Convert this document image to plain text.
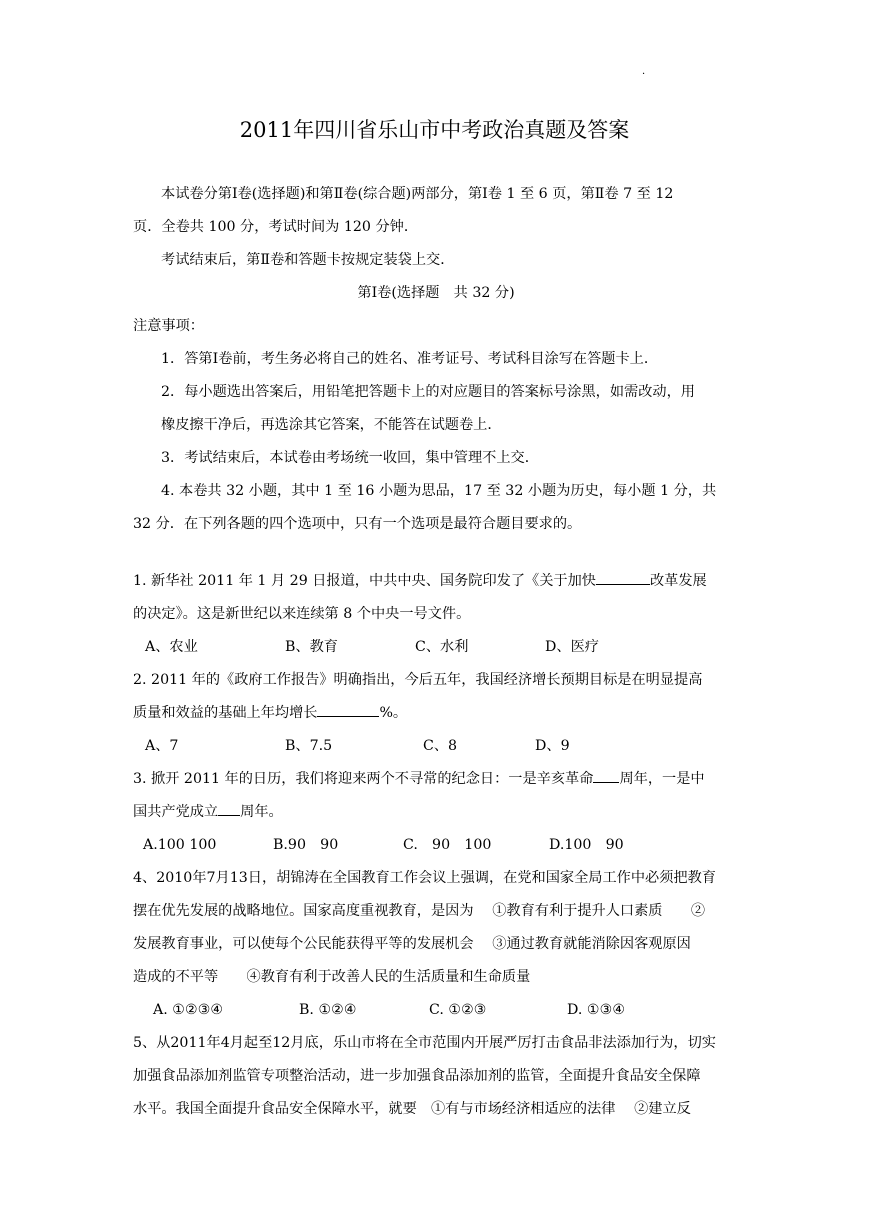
·
2011年四川省乐山市中考政治真题及答案

本试卷分第Ⅰ卷(选择题)和第Ⅱ卷(综合题)两部分，第Ⅰ卷 1 至 6 页，第Ⅱ卷 7 至 12

页．全卷共 100 分，考试时间为 120 分钟．

考试结束后，第Ⅱ卷和答题卡按规定装袋上交．

第Ⅰ卷(选择题　共 32 分)

注意事项：

1．答第Ⅰ卷前，考生务必将自己的姓名、准考证号、考试科目涂写在答题卡上．

2．每小题选出答案后，用铅笔把答题卡上的对应题目的答案标号涂黑，如需改动，用

橡皮擦干净后，再选涂其它答案，不能答在试题卷上．

3．考试结束后，本试卷由考场统一收回，集中管理不上交．

4. 本卷共 32 小题，其中 1 至 16 小题为思品，17 至 32 小题为历史，每小题 1 分，共

32 分．在下列各题的四个选项中，只有一个选项是最符合题目要求的。

1. 新华社 2011 年 1 月 29 日报道，中共中央、国务院印发了《关于加快	改革发展

的决定》。这是新世纪以来连续第 8 个中央一号文件。

A、农业	B、教育	C、水利	D、医疗

2. 2011 年的《政府工作报告》明确指出，今后五年，我国经济增长预期目标是在明显提高

质量和效益的基础上年均增长	%。

A、7	B、7.5	C、8	D、9

3. 掀开 2011 年的日历，我们将迎来两个不寻常的纪念日：一是辛亥革命 周年，一是中

国共产党成立 周年。

A.100 100	B.90　90	C.　90　100	D.100　90

4、2010年7月13日，胡锦涛在全国教育工作会议上强调，在党和国家全局工作中必须把教育

摆在优先发展的战略地位。国家高度重视教育，是因为　 ①教育有利于提升人口素质　　②

发展教育事业，可以使每个公民能获得平等的发展机会　 ③通过教育就能消除因客观原因

造成的不平等　　④教育有利于改善人民的生活质量和生命质量

A. ①②③④	B. ①②④	C. ①②③	D. ①③④

5、从2011年4月起至12月底，乐山市将在全市范围内开展严厉打击食品非法添加行为，切实

加强食品添加剂监管专项整治活动，进一步加强食品添加剂的监管，全面提升食品安全保障

水平。我国全面提升食品安全保障水平，就要　①有与市场经济相适应的法律　 ②建立反
